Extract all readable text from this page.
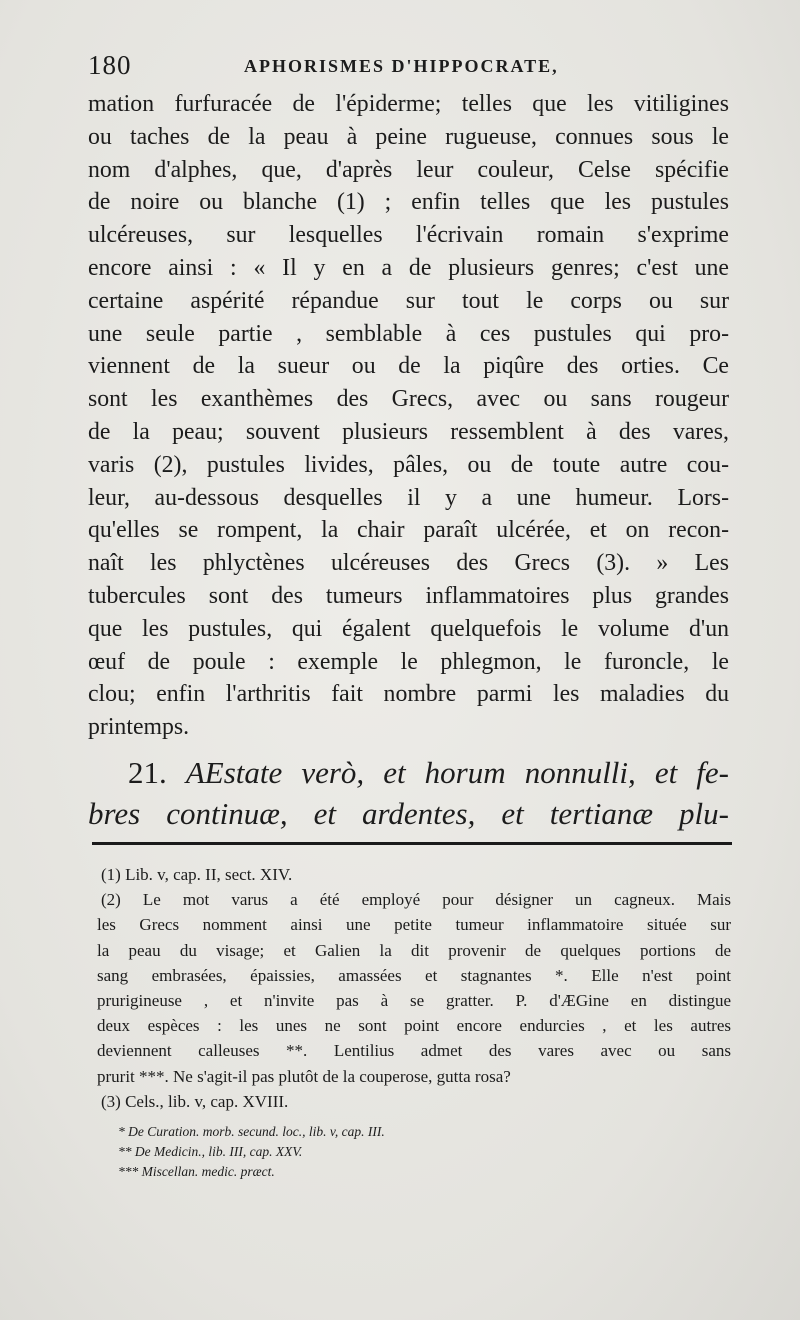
180	APHORISMES D'HIPPOCRATE,
mation furfuracée de l'épiderme; telles que les vitiligines
ou taches de la peau à peine rugueuse, connues sous le
nom d'alphes, que, d'après leur couleur, Celse spécifie
de noire ou blanche (1) ; enfin telles que les pustules
ulcéreuses, sur lesquelles l'écrivain romain s'exprime
encore ainsi : « Il y en a de plusieurs genres; c'est une
certaine aspérité répandue sur tout le corps ou sur
une seule partie , semblable à ces pustules qui pro-
viennent de la sueur ou de la piqûre des orties. Ce
sont les exanthèmes des Grecs, avec ou sans rougeur
de la peau; souvent plusieurs ressemblent à des vares,
varis (2), pustules livides, pâles, ou de toute autre cou-
leur, au-dessous desquelles il y a une humeur. Lors-
qu'elles se rompent, la chair paraît ulcérée, et on recon-
naît les phlyctènes ulcéreuses des Grecs (3). » Les
tubercules sont des tumeurs inflammatoires plus grandes
que les pustules, qui égalent quelquefois le volume d'un
œuf de poule : exemple le phlegmon, le furoncle, le
clou; enfin l'arthritis fait nombre parmi les maladies du
printemps.
21. AEstate verò, et horum nonnulli, et fe-
bres continuæ, et ardentes, et tertianæ plu-
(1) Lib. v, cap. II, sect. XIV.
(2) Le mot varus a été employé pour désigner un cagneux. Mais
les Grecs nomment ainsi une petite tumeur inflammatoire située sur
la peau du visage; et Galien la dit provenir de quelques portions de
sang embrasées, épaissies, amassées et stagnantes *. Elle n'est point
prurigineuse , et n'invite pas à se gratter. P. d'ÆGine en distingue
deux espèces : les unes ne sont point encore endurcies , et les autres
deviennent calleuses **. Lentilius admet des vares avec ou sans
prurit ***. Ne s'agit-il pas plutôt de la couperose, gutta rosa?
(3) Cels., lib. v, cap. XVIII.
* De Curation. morb. secund. loc., lib. v, cap. III.
** De Medicin., lib. III, cap. XXV.
*** Miscellan. medic. præct.
